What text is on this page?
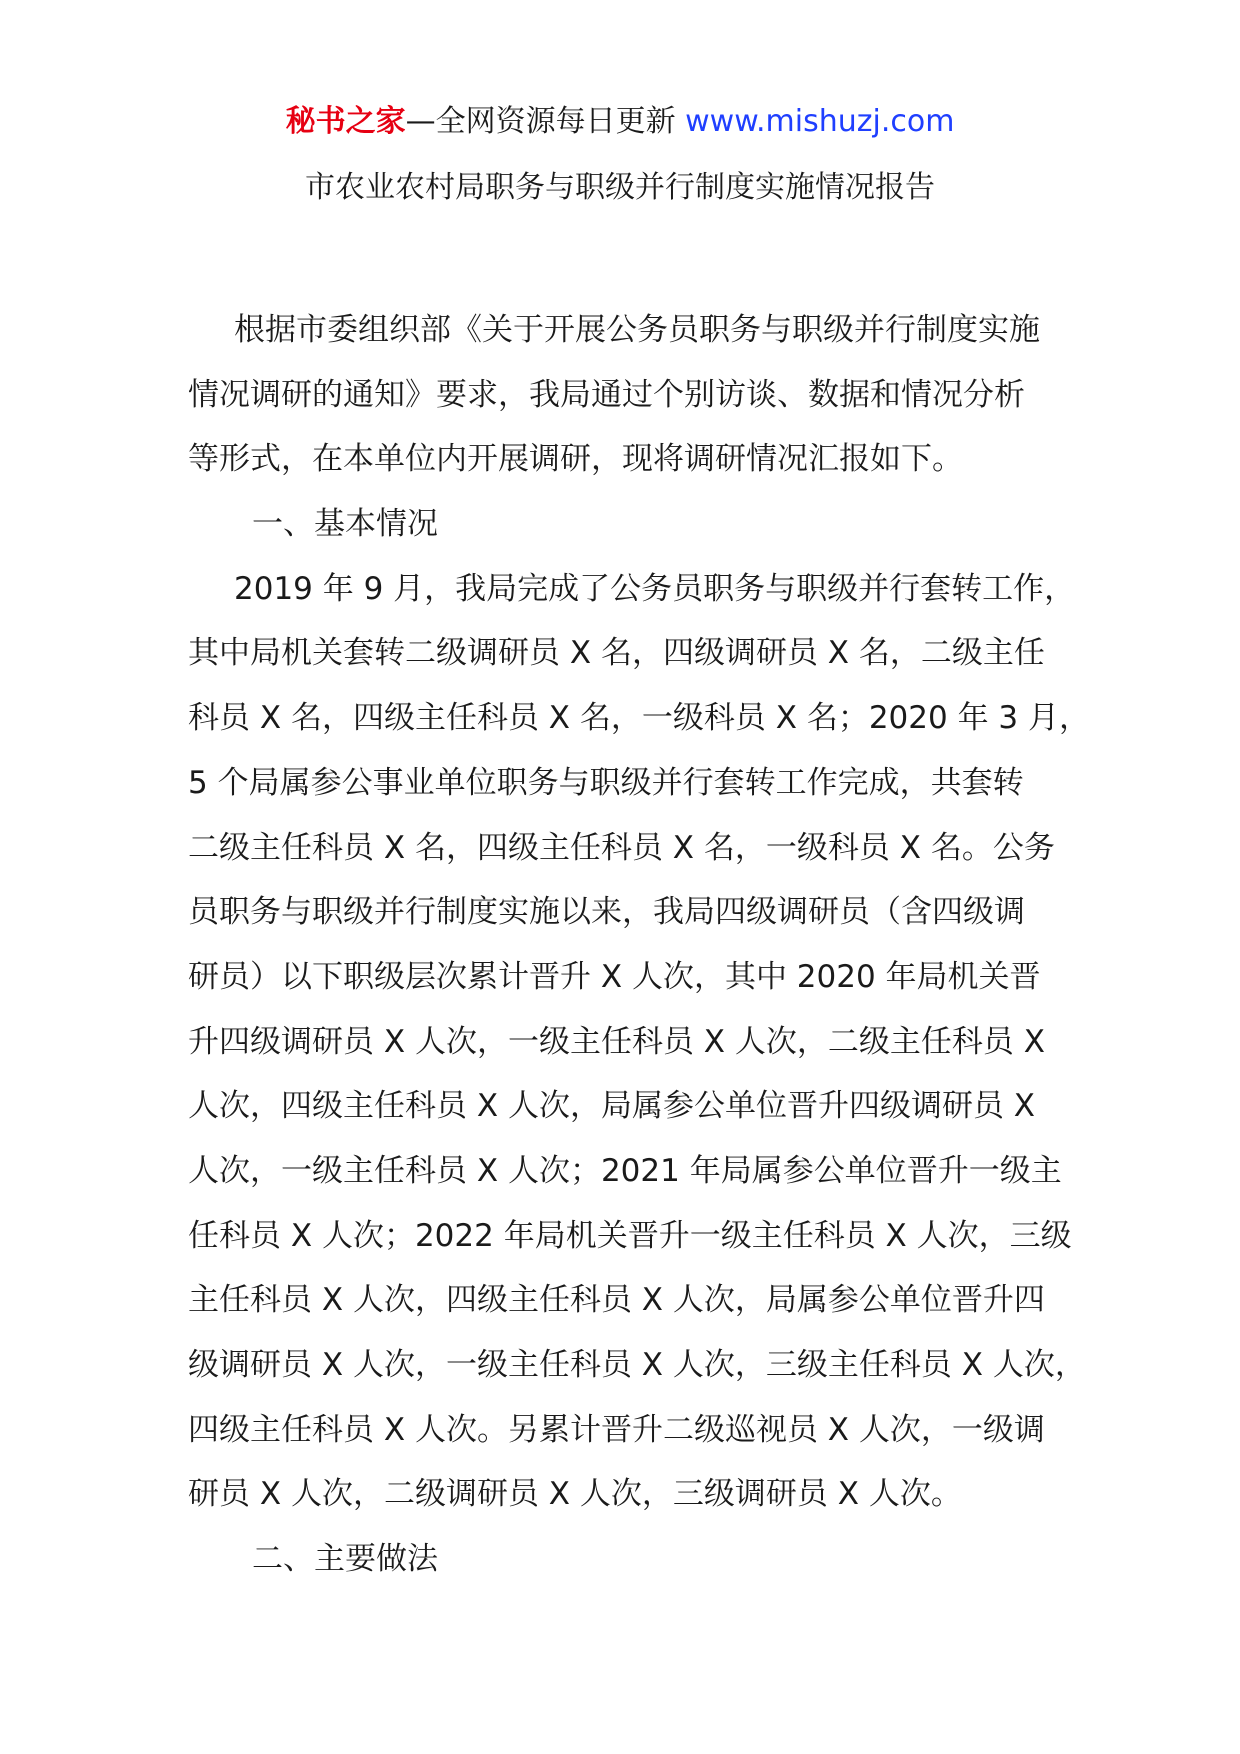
秘书之家—全网资源每日更新 www.mishuzj.com
市农业农村局职务与职级并行制度实施情况报告
根据市委组织部《关于开展公务员职务与职级并行制度实施
情况调研的通知》要求，我局通过个别访谈、数据和情况分析
等形式，在本单位内开展调研，现将调研情况汇报如下。
一、基本情况
2019 年 9 月，我局完成了公务员职务与职级并行套转工作，
其中局机关套转二级调研员 X 名，四级调研员 X 名，二级主任
科员 X 名，四级主任科员 X 名，一级科员 X 名；2020 年 3 月，
5 个局属参公事业单位职务与职级并行套转工作完成，共套转
二级主任科员 X 名，四级主任科员 X 名，一级科员 X 名。公务
员职务与职级并行制度实施以来，我局四级调研员（含四级调
研员）以下职级层次累计晋升 X 人次，其中 2020 年局机关晋
升四级调研员 X 人次，一级主任科员 X 人次，二级主任科员 X
人次，四级主任科员 X 人次，局属参公单位晋升四级调研员 X
人次，一级主任科员 X 人次；2021 年局属参公单位晋升一级主
任科员 X 人次；2022 年局机关晋升一级主任科员 X 人次，三级
主任科员 X 人次，四级主任科员 X 人次，局属参公单位晋升四
级调研员 X 人次，一级主任科员 X 人次，三级主任科员 X 人次，
四级主任科员 X 人次。另累计晋升二级巡视员 X 人次，一级调
研员 X 人次，二级调研员 X 人次，三级调研员 X 人次。
二、主要做法
